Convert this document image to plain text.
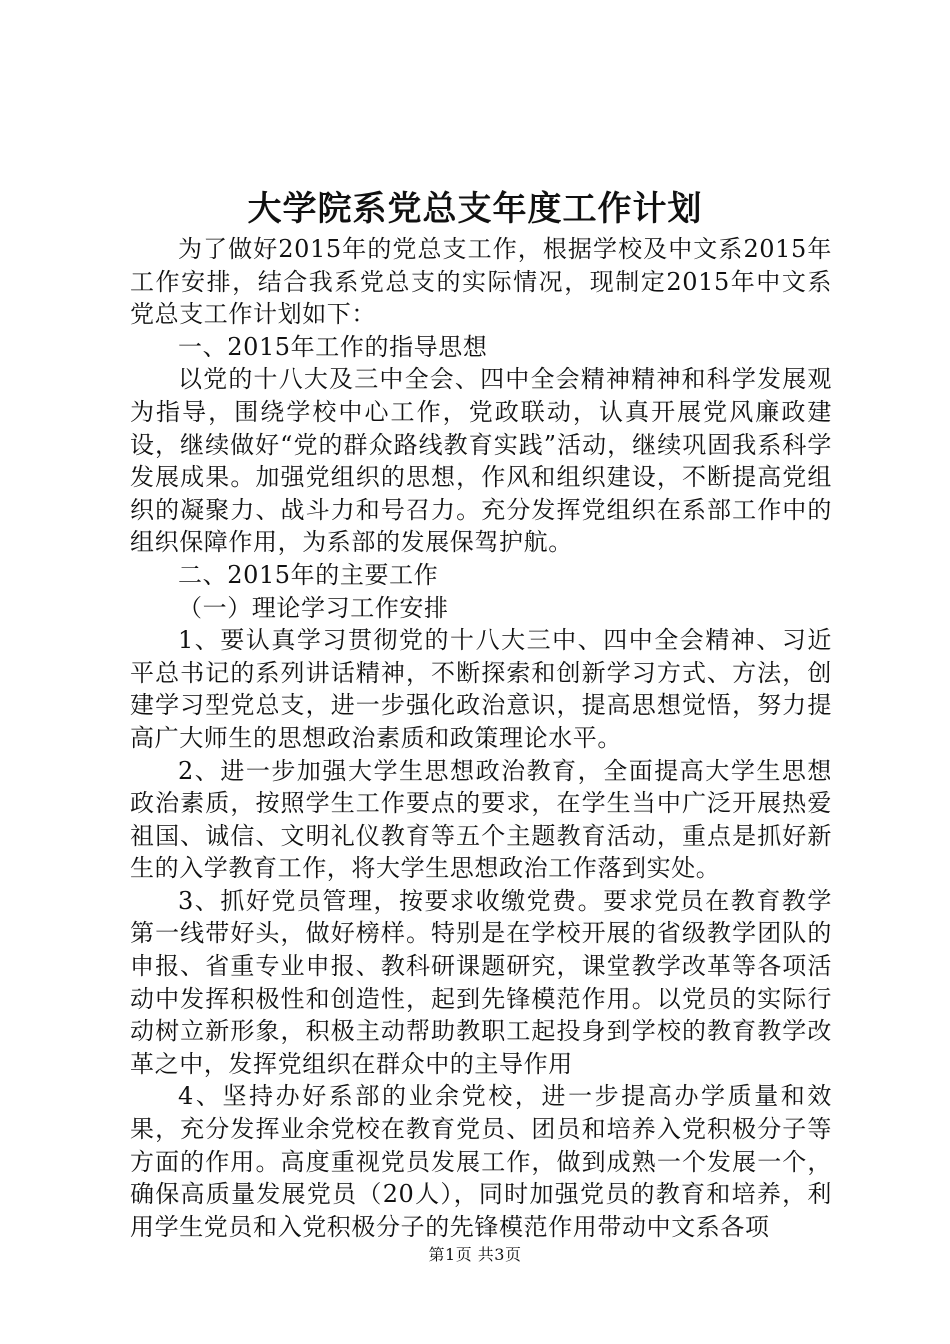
大学院系党总支年度工作计划

为了做好2015年的党总支工作，根据学校及中文系2015年工作安排，结合我系党总支的实际情况，现制定2015年中文系党总支工作计划如下：

一、2015年工作的指导思想

以党的十八大及三中全会、四中全会精神精神和科学发展观为指导，围绕学校中心工作，党政联动，认真开展党风廉政建设，继续做好“党的群众路线教育实践”活动，继续巩固我系科学发展成果。加强党组织的思想，作风和组织建设，不断提高党组织的凝聚力、战斗力和号召力。充分发挥党组织在系部工作中的组织保障作用，为系部的发展保驾护航。

二、2015年的主要工作

（一）理论学习工作安排

1、要认真学习贯彻党的十八大三中、四中全会精神、习近平总书记的系列讲话精神，不断探索和创新学习方式、方法，创建学习型党总支，进一步强化政治意识，提高思想觉悟，努力提高广大师生的思想政治素质和政策理论水平。

2、进一步加强大学生思想政治教育，全面提高大学生思想政治素质，按照学生工作要点的要求，在学生当中广泛开展热爱祖国、诚信、文明礼仪教育等五个主题教育活动，重点是抓好新生的入学教育工作，将大学生思想政治工作落到实处。

3、抓好党员管理，按要求收缴党费。要求党员在教育教学第一线带好头，做好榜样。特别是在学校开展的省级教学团队的申报、省重专业申报、教科研课题研究，课堂教学改革等各项活动中发挥积极性和创造性，起到先锋模范作用。以党员的实际行动树立新形象，积极主动帮助教职工起投身到学校的教育教学改革之中，发挥党组织在群众中的主导作用

4、坚持办好系部的业余党校，进一步提高办学质量和效果，充分发挥业余党校在教育党员、团员和培养入党积极分子等方面的作用。高度重视党员发展工作，做到成熟一个发展一个，确保高质量发展党员（20人），同时加强党员的教育和培养，利用学生党员和入党积极分子的先锋模范作用带动中文系各项

第1页 共3页
